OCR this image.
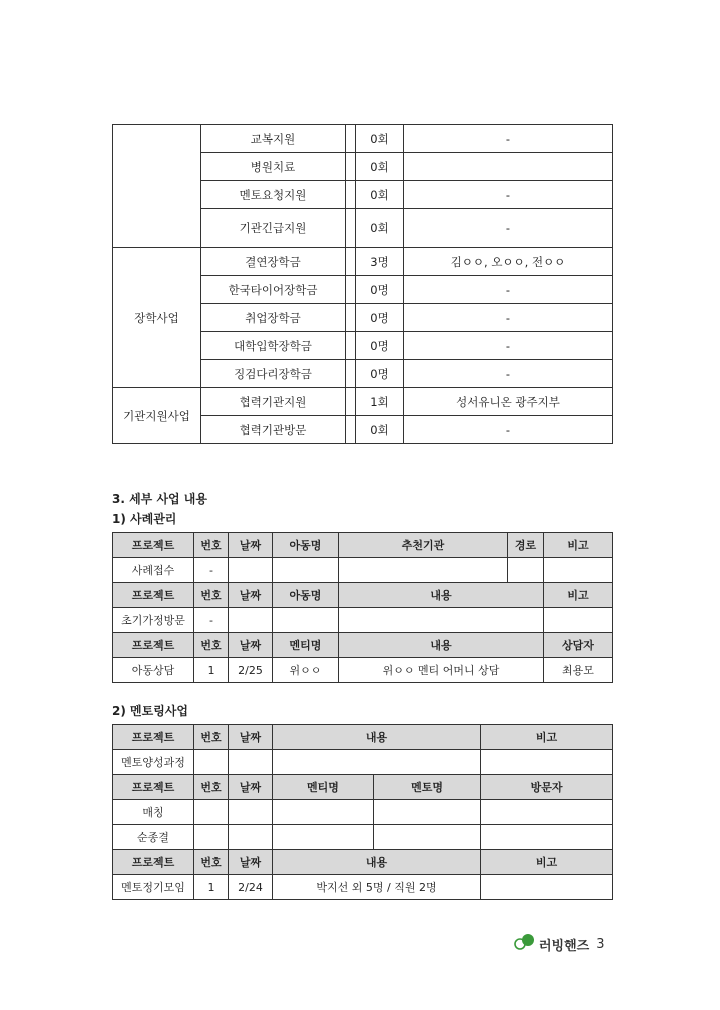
	교복지원		0회	-
	병원치료		0회	
	멘토요청지원		0회	-
	기관긴급지원		0회	-
장학사업	결연장학금		3명	김ㅇㅇ, 오ㅇㅇ, 전ㅇㅇ
	한국타이어장학금		0명	-
	취업장학금		0명	-
	대학입학장학금		0명	-
	징검다리장학금		0명	-
기관지원사업	협력기관지원		1회	성서유니온 광주지부
	협력기관방문		0회	-
3. 세부 사업 내용
1) 사례관리
프로젝트	번호	날짜	아동명	추천기관	경로	비고
사례접수	-					
프로젝트	번호	날짜	아동명	내용		비고
초기가정방문	-					
프로젝트	번호	날짜	멘티명	내용		상담자
아동상담	1	2/25	위ㅇㅇ	위ㅇㅇ 멘티 어머니 상담		최용모
2) 멘토링사업
프로젝트	번호	날짜	내용		비고
멘토양성과정					
프로젝트	번호	날짜	멘티명	멘토명	방문자
매칭					
순종결					
프로젝트	번호	날짜	내용		비고
멘토정기모임	1	2/24	박지선 외 5명 / 직원 2명		
러빙핸즈 3
